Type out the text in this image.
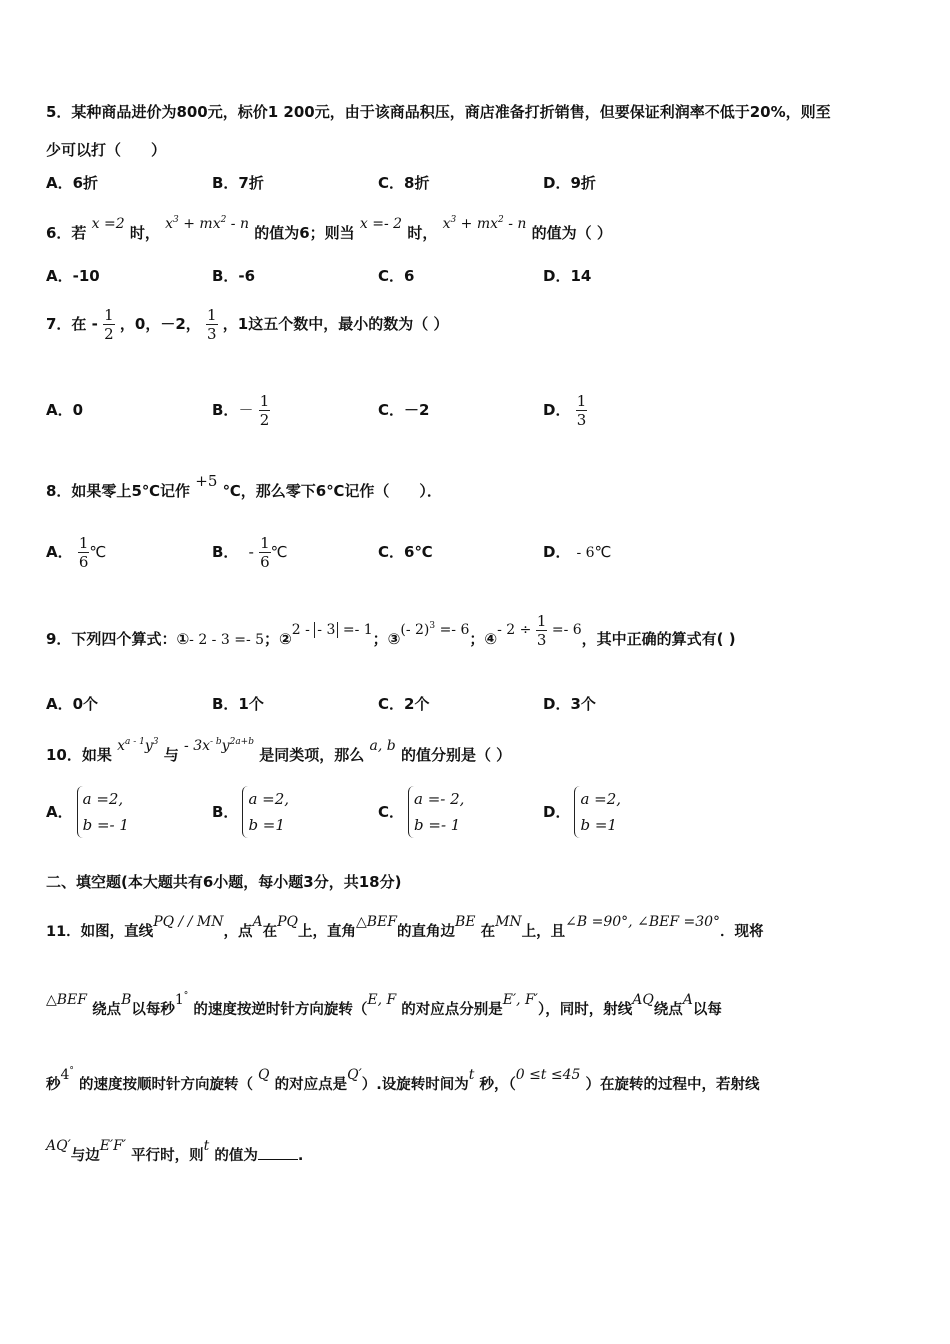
5．某种商品进价为800元，标价1 200元，由于该商品积压，商店准备打折销售，但要保证利润率不低于20%，则至
少可以打（　　）
A．6折	B．7折	C．8折	D．9折
6．若 x =2 时， $x^3 + mx^2 - n$ 的值为6；则当 x =- 2 时， $x^3 + mx^2 - n$ 的值为（ ）
A．-10	B．-6	C．6	D．14
7．在 - $\frac{1}{2}$ ，0，－2， $\frac{1}{3}$ ，1这五个数中，最小的数为（ ）
A．0	B．－ $\frac{1}{2}$	C．－2	D． $\frac{1}{3}$
8．如果零上5℃记作 +5 ℃，那么零下6℃记作（　　）．
A． $\frac{1}{6}$ ℃	B． - $\frac{1}{6}$ ℃	C．6℃	D． - 6℃
9．下列四个算式：①- 2 - 3 =- 5；②2 - - 3 =- 1；③(- 2)$^3$ =- 6；④- $2 \div \frac{1}{3} =- 6$，其中正确的算式有( )
A．0个	B．1个	C．2个	D．3个
10．如果 $x^{a - 1}y^3$ 与 - $3x^{- b}y^{2a+b}$ 是同类项，那么 a, b 的值分别是（ ）
A．
a =2,
b =- 1
B．
a =2,
b =1
C．
a =- 2,
b =- 1
D．
a =2,
b =1
二、填空题(本大题共有6小题，每小题3分，共18分)
11．如图，直线PQ / / MN，点A在PQ上，直角△BEF的直角边BE 在MN上，且∠B =90°, ∠BEF =30°．现将
△BEF 绕点B以每秒1° 的速度按逆时针方向旋转（E, F 的对应点分别是E′, F′），同时，射线AQ绕点A以每
秒4° 的速度按顺时针方向旋转（ Q 的对应点是Q′）.设旋转时间为t 秒，（0 ≤t ≤45 ）在旋转的过程中，若射线
AQ′与边E′F′ 平行时，则t 的值为	.
